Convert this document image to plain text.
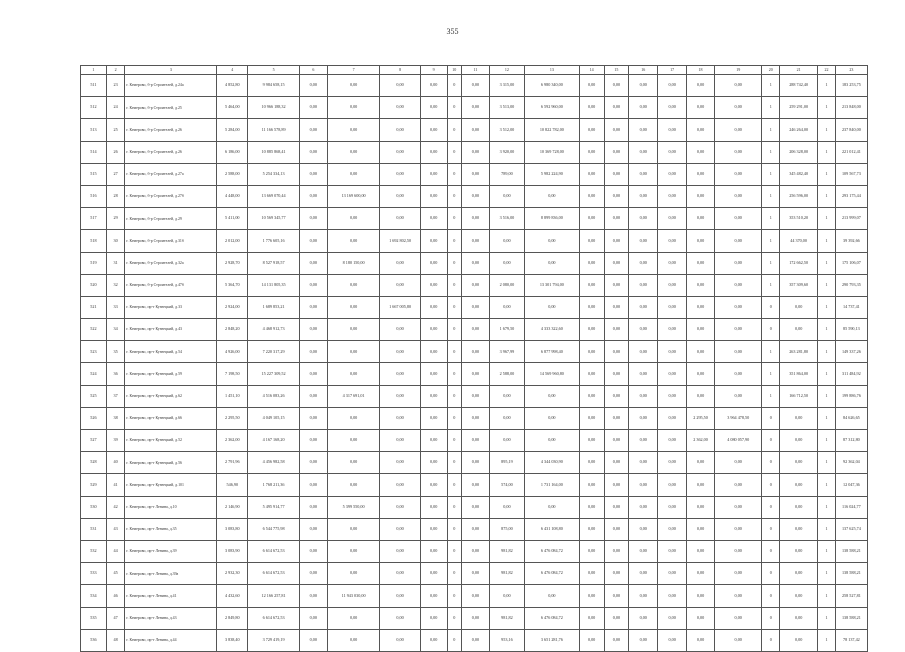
355
1	2	3	4	5	6	7	8	9	10	11	12	13	14	15	16	17	18	19	20	21	22	23
511	23	г. Кемерово, б-р Строителей, д.24а	4 852,80	9 984 658,15	0,00	0,00	0,00	0,00	0	0,00	3 315,00	6 980 340,00	0,00	0,00	0,00	0,00	0,00	0,00	1	288 742,40	1	183 253,75
512	24	г. Кемерово, б-р Строителей, д.25	5 464,00	10 966 188,32	0,00	0,00	0,00	0,00	0	0,00	3 513,00	6 592 960,00	0,00	0,00	0,00	0,00	0,00	0,00	1	259 291,00	1	213 848,00
513	25	г. Кемерово, б-р Строителей, д.26	5 284,00	11 166 578,89	0,00	0,00	0,00	0,00	0	0,00	3 512,00	10 822 782,00	0,00	0,00	0,00	0,00	0,00	0,00	1	246 264,00	1	237 840,00
514	26	г. Кемерово, б-р Строителей, д.26	6 186,00	10 885 868,41	0,00	0,00	0,00	0,00	0	0,00	3 920,00	10 369 728,00	0,00	0,00	0,00	0,00	0,00	0,00	1	206 328,00	1	221 012,41
515	27	г. Кемерово, б-р Строителей, д.27а	2 588,00	5 254 334,13	0,00	0,00	0,00	0,00	0	0,00	789,00	5 982 224,90	0,00	0,00	0,00	0,00	0,00	0,00	1	345 482,40	1	109 567,73
516	28	г. Кемерово, б-р Строителей, д.27б	4 448,00	13 669 070,44	0,00	13 169 600,00	0,00	0,00	0	0,00	0,00	0,00	0,00	0,00	0,00	0,00	0,00	0,00	1	256 596,00	1	293 175,44
517	29	г. Кемерово, б-р Строителей, д.29	5 411,00	10 569 345,77	0,00	0,00	0,00	0,00	0	0,00	3 516,00	8 899 836,00	0,00	0,00	0,00	0,00	0,00	0,00	1	353 510,20	1	213 999,07
518	30	г. Кемерово, б-р Строителей, д.31б	2 012,00	1 776 605,16	0,00	0,00	1 692 802,50	0,00	0	0,00	0,00	0,00	0,00	0,00	0,00	0,00	0,00	0,00	1	44 370,00	1	39 392,66
519	31	г. Кемерово, б-р Строителей, д.32а	2 928,70	8 527 918,57	0,00	8 180 150,00	0,00	0,00	0	0,00	0,00	0,00	0,00	0,00	0,00	0,00	0,00	0,00	1	172 662,50	1	175 106,07
520	32	г. Кемерово, б-р Строителей, д.47б	5 364,70	14 131 805,35	0,00	0,00	0,00	0,00	0	0,00	2 080,00	13 301 794,00	0,00	0,00	0,00	0,00	0,00	0,00	1	357 309,60	1	290 793,35
521	33	г. Кемерово, пр-т Кузнецкий, д.33	2 924,00	1 689 853,21	0,00	0,00	1 667 005,80	0,00	0	0,00	0,00	0,00	0,00	0,00	0,00	0,00	0,00	0,00	0	0,00	1	14 737,41
522	34	г. Кемерово, пр-т Кузнецкий, д.43	2 848,20	4 468 912,73	0,00	0,00	0,00	0,00	0	0,00	1 679,50	4 333 322,60	0,00	0,00	0,00	0,00	0,00	0,00	0	0,00	1	85 590,13
523	35	г. Кемерово, пр-т Кузнецкий, д.54	4 926,00	7 220 317,29	0,00	0,00	0,00	0,00	0	0,00	3 967,99	6 877 998,40	0,00	0,00	0,00	0,00	0,00	0,00	1	263 281,80	1	149 337,26
524	36	г. Кемерово, пр-т Кузнецкий, д.59	7 198,50	15 227 309,52	0,00	0,00	0,00	0,00	0	0,00	2 588,00	14 569 960,80	0,00	0,00	0,00	0,00	0,00	0,00	1	351 864,00	1	311 484,92
525	37	г. Кемерово, пр-т Кузнецкий, д.62	1 451,10	4 516 083,26	0,00	4 317 691,01	0,00	0,00	0	0,00	0,00	0,00	0,00	0,00	0,00	0,00	0,00	0,00	1	166 712,50	1	199 886,76
526	38	г. Кемерово, пр-т Кузнецкий, д.66	2 295,50	4 049 105,15	0,00	0,00	0,00	0,00	0	0,00	0,00	0,00	0,00	0,00	0,00	0,00	2 295,50	3 964 478,50	0	0,00	1	84 626,65
527	39	г. Кемерово, пр-т Кузнецкий, д.52	2 362,00	4 167 168,20	0,00	0,00	0,00	0,00	0	0,00	0,00	0,00	0,00	0,00	0,00	0,00	2 362,00	4 080 057,90	0	0,00	1	87 312,80
528	40	г. Кемерово, пр-т Кузнецкий, д.56	2 791,96	4 456 982,58	0,00	0,00	0,00	0,00	0	0,00	895,19	4 344 030,90	0,00	0,00	0,00	0,00	0,00	0,00	0	0,00	1	92 362,04
529	41	г. Кемерово, пр-т Кузнецкий, д.101	546,90	1 768 211,36	0,00	0,00	0,00	0,00	0	0,00	574,00	1 731 164,00	0,00	0,00	0,00	0,00	0,00	0,00	0	0,00	1	12 047,36
530	42	г. Кемерово, пр-т Ленина, д.10	2 146,90	5 495 914,77	0,00	5 399 550,00	0,00	0,00	0	0,00	0,00	0,00	0,00	0,00	0,00	0,00	0,00	0,00	0	0,00	1	116 024,77
531	43	г. Кемерово, пр-т Ленина, д.35	3 083,80	6 544 775,98	0,00	0,00	0,00	0,00	0	0,00	875,00	6 431 108,80	0,00	0,00	0,00	0,00	0,00	0,00	0	0,00	1	137 625,74
532	44	г. Кемерово, пр-т Ленина, д.39	3 083,90	6 614 672,53	0,00	0,00	0,00	0,00	0	0,00	981,82	6 476 084,72	0,00	0,00	0,00	0,00	0,00	0,00	0	0,00	1	138 588,21
533	45	г. Кемерово, пр-т Ленина, д.39а	2 932,30	6 614 672,53	0,00	0,00	0,00	0,00	0	0,00	981,82	6 476 084,72	0,00	0,00	0,00	0,00	0,00	0,00	0	0,00	1	138 588,21
534	46	г. Кемерово, пр-т Ленина, д.41	4 432,60	12 166 257,81	0,00	11 943 030,00	0,00	0,00	0	0,00	0,00	0,00	0,00	0,00	0,00	0,00	0,00	0,00	0	0,00	1	258 527,81
535	47	г. Кемерово, пр-т Ленина, д.43	2 849,80	6 614 672,53	0,00	0,00	0,00	0,00	0	0,00	981,82	6 476 084,72	0,00	0,00	0,00	0,00	0,00	0,00	0	0,00	1	138 588,21
536	48	г. Кемерово, пр-т Ленина, д.44	3 838,40	3 729 419,19	0,00	0,00	0,00	0,00	0	0,00	953,16	3 651 281,76	0,00	0,00	0,00	0,00	0,00	0,00	0	0,00	1	78 137,42
